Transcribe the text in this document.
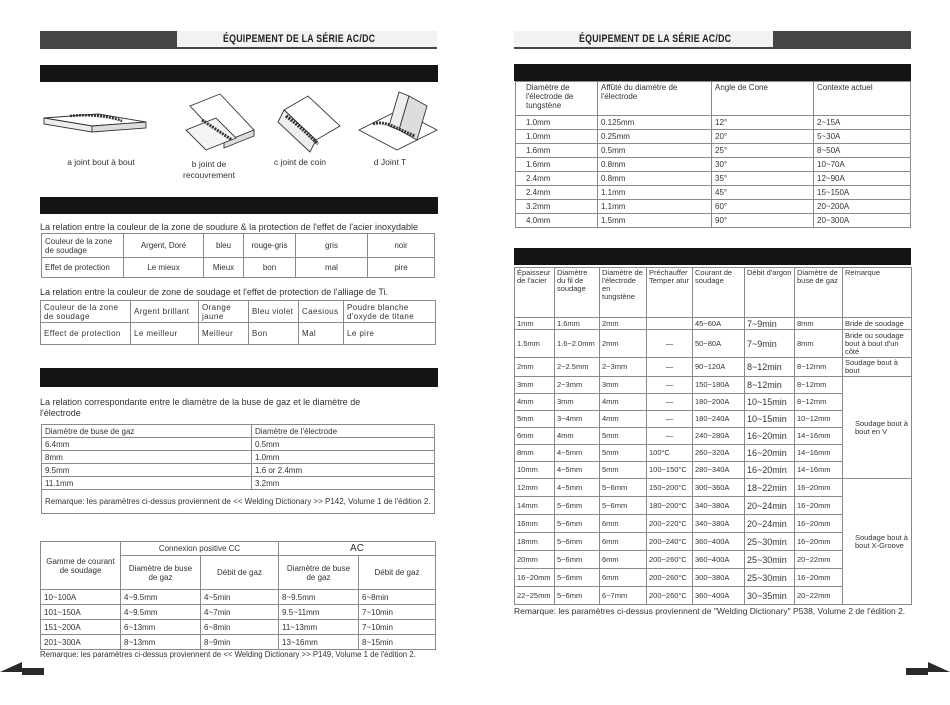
ÉQUIPEMENT DE LA SÉRIE AC/DC
a joint bout à bout	b joint de recouvrement
c joint de coin	d Joint T
La relation entre la couleur de la zone de soudure & la protection de l'effet de l'acier inoxydable
Couleur de la zone de soudage	Argent, Doré	bleu	rouge-gris	gris	noir
Effet de protection	Le mieux	Mieux	bon	mal	pire
La relation entre la couleur de zone de soudage et l'effet de protection de l'alliage de Ti.
Couleur de la zone de soudage	Argent brillant	Orange jaune	Bleu violet	Caesious	Poudre blanche d'oxyde de titane
Effect de protection	Le meilleur	Meilleur	Bon	Mal	Le pire
La relation correspondante entre le diamètre de la buse de gaz et le diamètre de l'électrode
Diamètre de buse de gaz	Diamètre de l'électrode
6.4mm	0.5mm
8mm	1.0mm
9.5mm	1.6 or 2.4mm
11.1mm	3.2mm
Remarque: les paramètres ci-dessus proviennent de << Welding Dictionary >> P142, Volume 1 de l'édition 2.	
Gamme de courant de soudage	Connexion positive CC		AC	
	Diamètre de buse de gaz	Débit de gaz	Diamètre de buse de gaz	Débit de gaz
10~100A	4~9.5mm	4~5min	8~9.5mm	6~8min
101~150A	4~9.5mm	4~7min	9.5~11mm	7~10min
151~200A	6~13mm	6~8min	11~13mm	7~10min
201~300A	8~13mm	8~9min	13~16mm	8~15min
Remarque: les paramètres ci-dessus proviennent de << Welding Dictionary >> P149, Volume 1 de l'édition 2.
ÉQUIPEMENT DE LA SÉRIE AC/DC
Diamètre de l'électrode de tungstène	Affûté du diamètre de l'électrode	Angle de Cone	Contexte actuel
1.0mm	0.125mm	12°	2~15A
1.0mm	0.25mm	20°	5~30A
1.6mm	0.5mm	25°	8~50A
1.6mm	0.8mm	30°	10~70A
2.4mm	0.8mm	35°	12~90A
2.4mm	1.1mm	45°	15~150A
3.2mm	1.1mm	60°	20~200A
4.0mm	1.5mm	90°	20~300A
Épaisseur de l'acier	Diamètre du fil de soudage	Diamètre de l'électrode en tungstène	Préchauffer Temper atur	Courant de soudage	Débit d'argon	Diamètre de buse de gaz	Remarque
1mm	1.6mm	2mm		45~60A	7~9min	8mm	Bride de soudage
1.5mm	1.6~2.0mm	2mm	—	50~80A	7~9min	8mm	Bride ou soudage bout à bout d'un côté
2mm	2~2.5mm	2~3mm	—	90~120A	8~12min	8~12mm	Soudage bout à bout
3mm	2~3mm	3mm	—	150~180A	8~12min	8~12mm	Soudage bout à bout en V
4mm	3mm	4mm	—	180~200A	10~15min	8~12mm	
5mm	3~4mm	4mm	—	180~240A	10~15min	10~12mm	
6mm	4mm	5mm	—	240~280A	16~20min	14~16mm	
8mm	4~5mm	5mm	100°C	260~320A	16~20min	14~16mm	
10mm	4~5mm	5mm	100~150°C	280~340A	16~20min	14~16mm	
12mm	4~5mm	5~6mm	150~200°C	300~360A	18~22min	16~20mm	Soudage bout à bout X-Groove
14mm	5~6mm	5~6mm	180~200°C	340~380A	20~24min	16~20mm	
16mm	5~6mm	6mm	200~220°C	340~380A	20~24min	16~20mm	
18mm	5~6mm	6mm	200~240°C	360~400A	25~30min	16~20mm	
20mm	5~6mm	6mm	200~260°C	360~400A	25~30min	20~22mm	
16~20mm	5~6mm	6mm	200~260°C	300~380A	25~30min	16~20mm	
22~25mm	5~6mm	6~7mm	200~260°C	360~400A	30~35min	20~22mm	
Remarque: les paramètres ci-dessus proviennent de "Welding Dictionary" P538, Volume 2 de l'édition 2.
